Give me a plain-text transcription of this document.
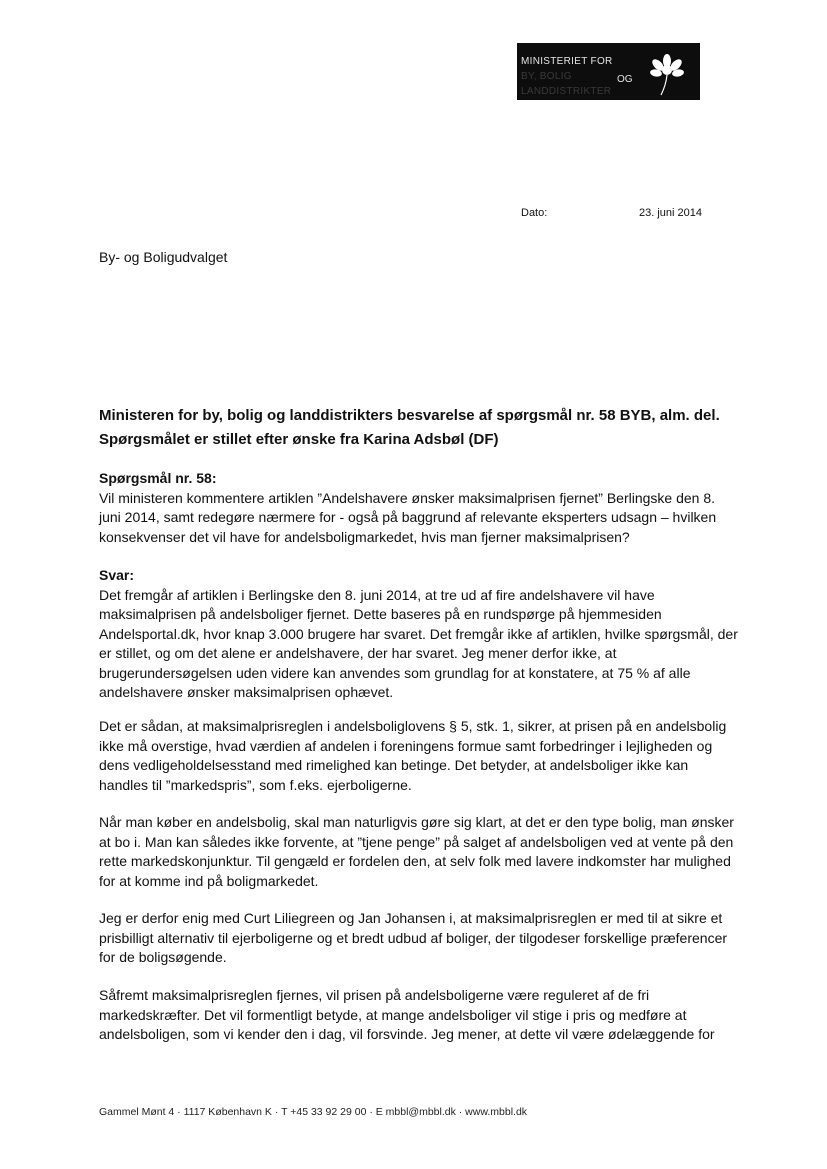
MINISTERIET FOR
BY, BOLIG	OG
LANDDISTRIKTER
Dato:	23. juni 2014
By- og Boligudvalget
Ministeren for by, bolig og landdistrikters besvarelse af spørgsmål nr. 58 BYB, alm. del. Spørgsmålet er stillet efter ønske fra Karina Adsbøl (DF)
Spørgsmål nr. 58:
Vil ministeren kommentere artiklen ”Andelshavere ønsker maksimalprisen fjernet” Berlingske den 8. juni 2014, samt redegøre nærmere for - også på baggrund af relevante eksperters udsagn – hvilken konsekvenser det vil have for andelsboligmarkedet, hvis man fjerner maksimalprisen?
Svar:
Det fremgår af artiklen i Berlingske den 8. juni 2014, at tre ud af fire andelshavere vil have maksimalprisen på andelsboliger fjernet. Dette baseres på en rundspørge på hjemmesiden Andelsportal.dk, hvor knap 3.000 brugere har svaret. Det fremgår ikke af artiklen, hvilke spørgsmål, der er stillet, og om det alene er andelshavere, der har svaret. Jeg mener derfor ikke, at brugerundersøgelsen uden videre kan anvendes som grundlag for at konstatere, at 75 % af alle andelshavere ønsker maksimalprisen ophævet.

Det er sådan, at maksimalprisreglen i andelsboliglovens § 5, stk. 1, sikrer, at prisen på en andelsbolig ikke må overstige, hvad værdien af andelen i foreningens formue samt forbedringer i lejligheden og dens vedligeholdelsesstand med rimelighed kan betinge. Det betyder, at andelsboliger ikke kan handles til ”markedspris”, som f.eks. ejerboligerne.

Når man køber en andelsbolig, skal man naturligvis gøre sig klart, at det er den type bolig, man ønsker at bo i. Man kan således ikke forvente, at ”tjene penge” på salget af andelsboligen ved at vente på den rette markedskonjunktur. Til gengæld er fordelen den, at selv folk med lavere indkomster har mulighed for at komme ind på boligmarkedet.

Jeg er derfor enig med Curt Liliegreen og Jan Johansen i, at maksimalprisreglen er med til at sikre et prisbilligt alternativ til ejerboligerne og et bredt udbud af boliger, der tilgodeser forskellige præferencer for de boligsøgende.

Såfremt maksimalprisreglen fjernes, vil prisen på andelsboligerne være reguleret af de fri markedskræfter. Det vil formentligt betyde, at mange andelsboliger vil stige i pris og medføre at andelsboligen, som vi kender den i dag, vil forsvinde. Jeg mener, at dette vil være ødelæggende for

Gammel Mønt 4 · 1117 København K · T +45 33 92 29 00 · E mbbl@mbbl.dk · www.mbbl.dk
